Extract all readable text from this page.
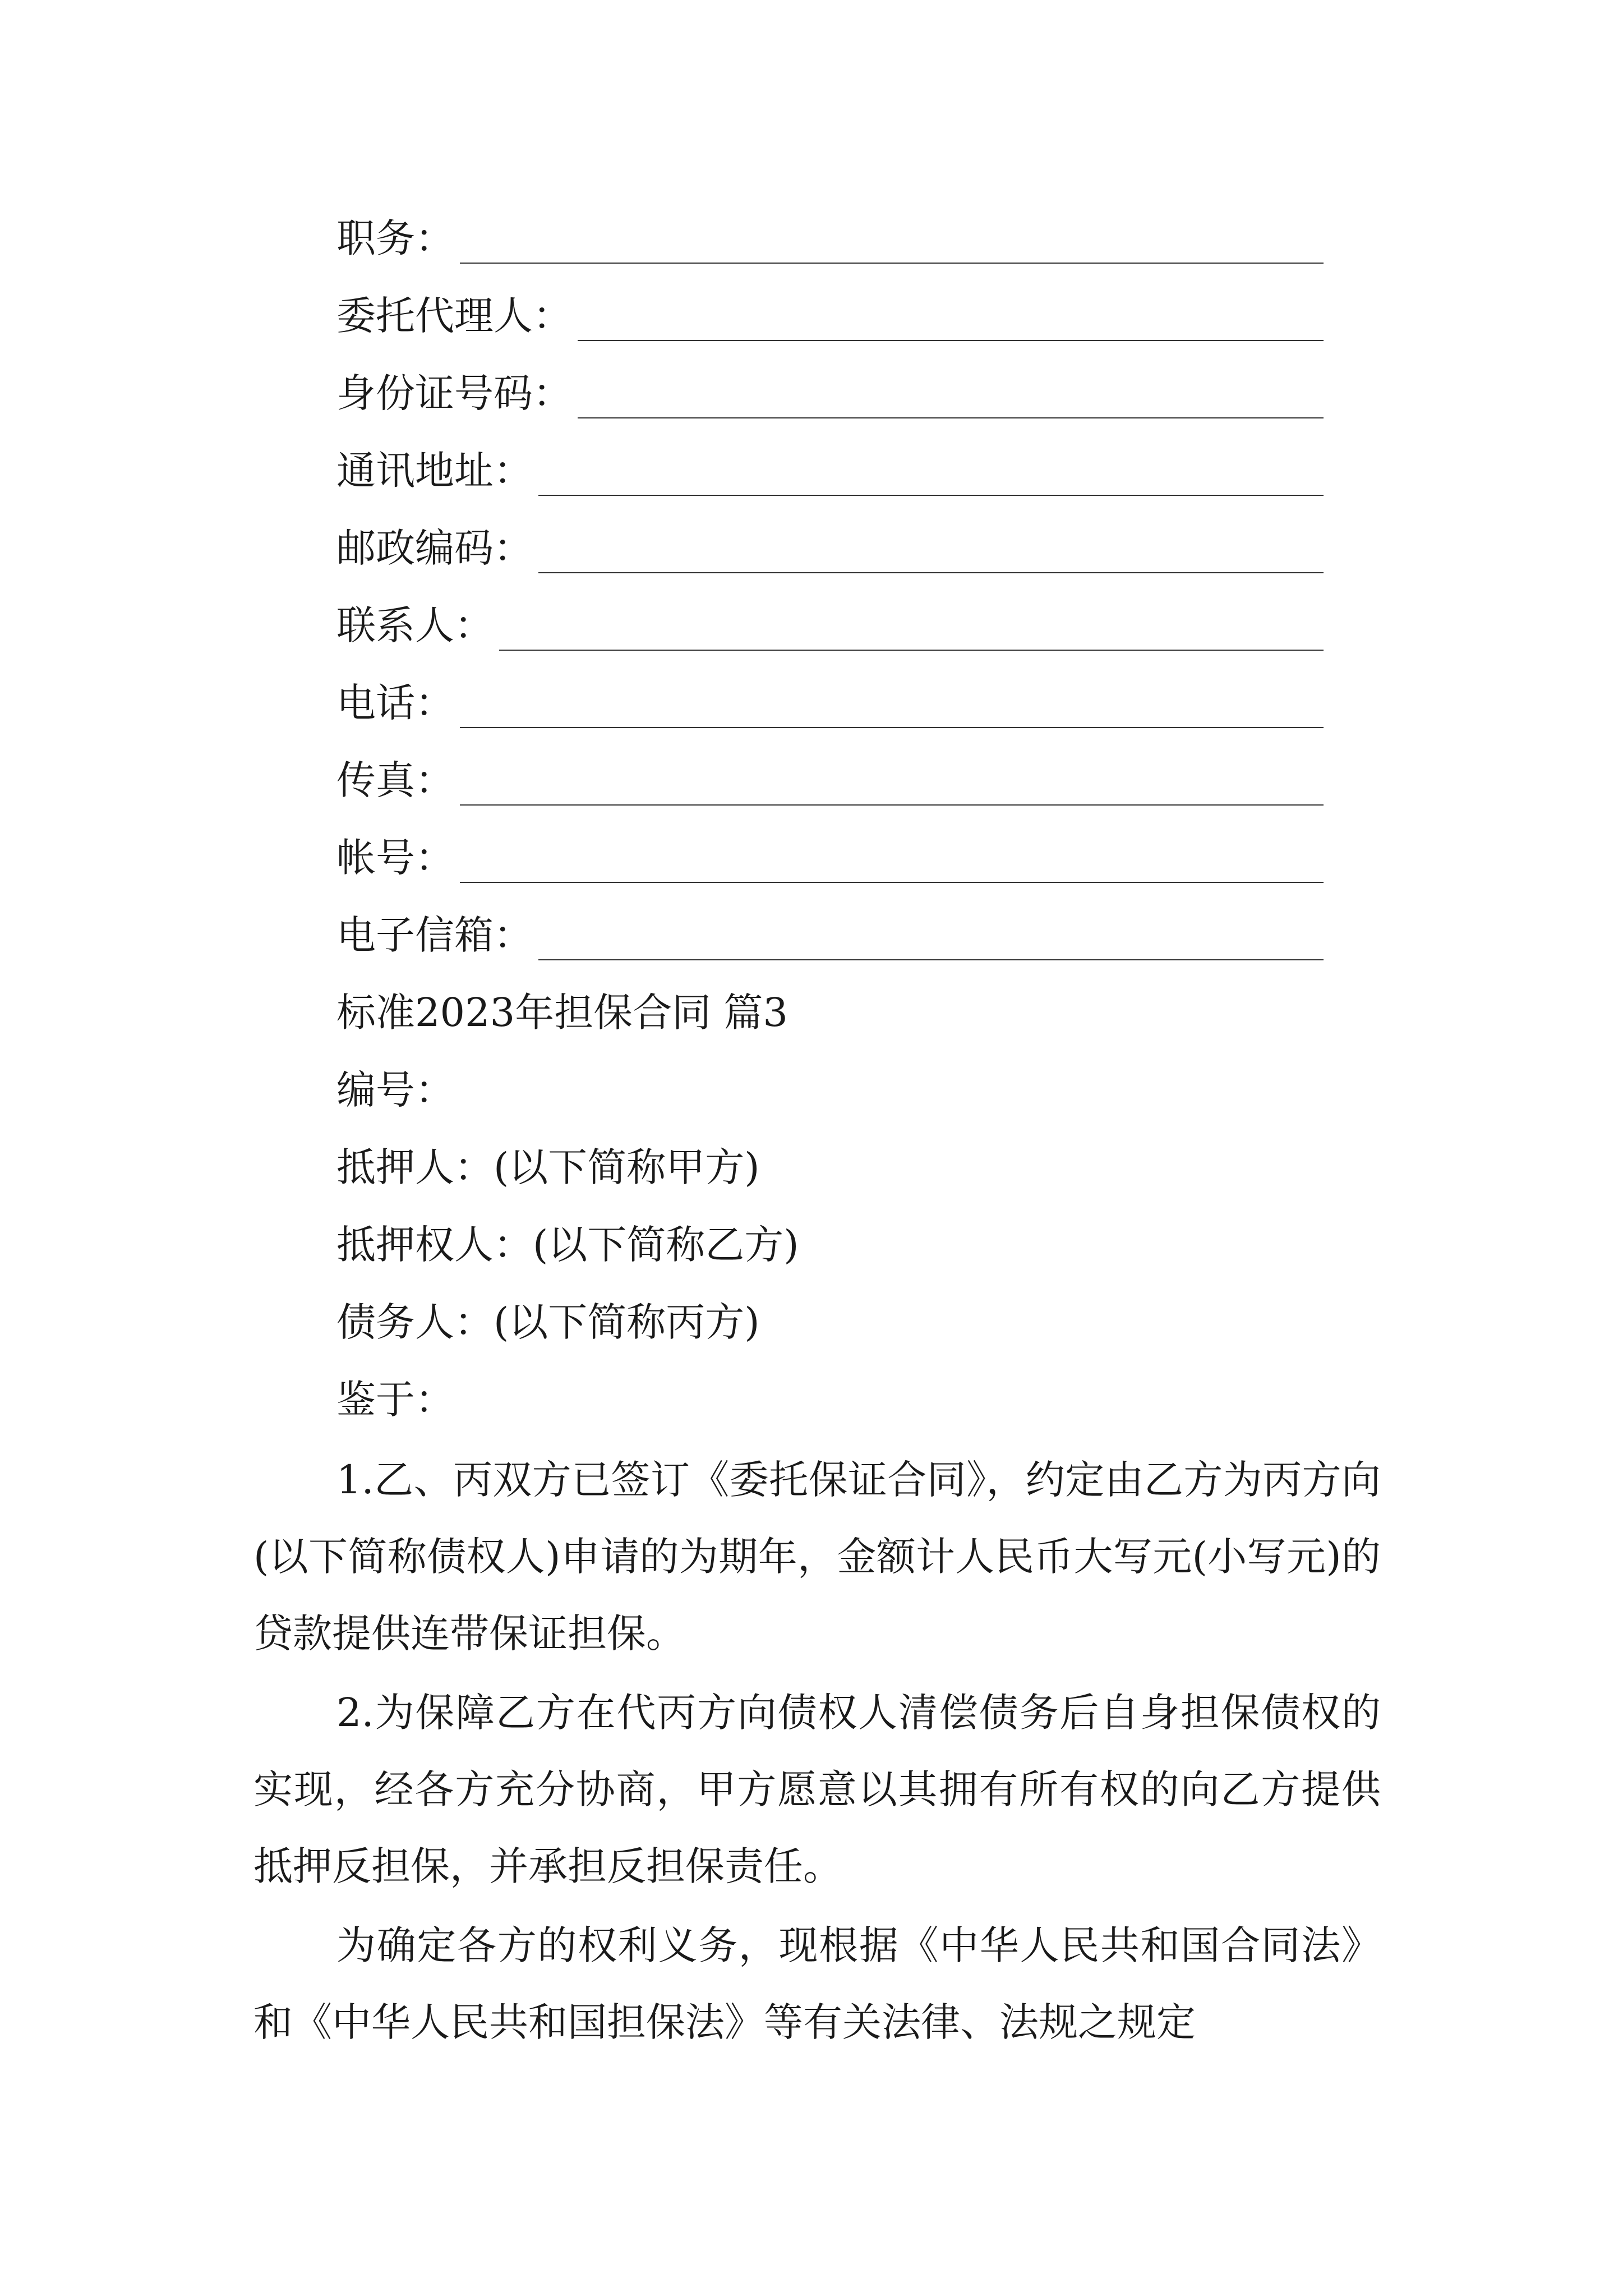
职务：
委托代理人：
身份证号码：
通讯地址：
邮政编码：
联系人：
电话：
传真：
帐号：
电子信箱：
标准2023年担保合同 篇3
编号：
抵押人：(以下简称甲方)
抵押权人：(以下简称乙方)
债务人：(以下简称丙方)
鉴于：

1.乙、丙双方已签订《委托保证合同》，约定由乙方为丙方向(以下简称债权人)申请的为期年，金额计人民币大写元(小写元)的贷款提供连带保证担保。

2.为保障乙方在代丙方向债权人清偿债务后自身担保债权的实现，经各方充分协商，甲方愿意以其拥有所有权的向乙方提供抵押反担保，并承担反担保责任。

为确定各方的权利义务，现根据《中华人民共和国合同法》和《中华人民共和国担保法》等有关法律、法规之规定
